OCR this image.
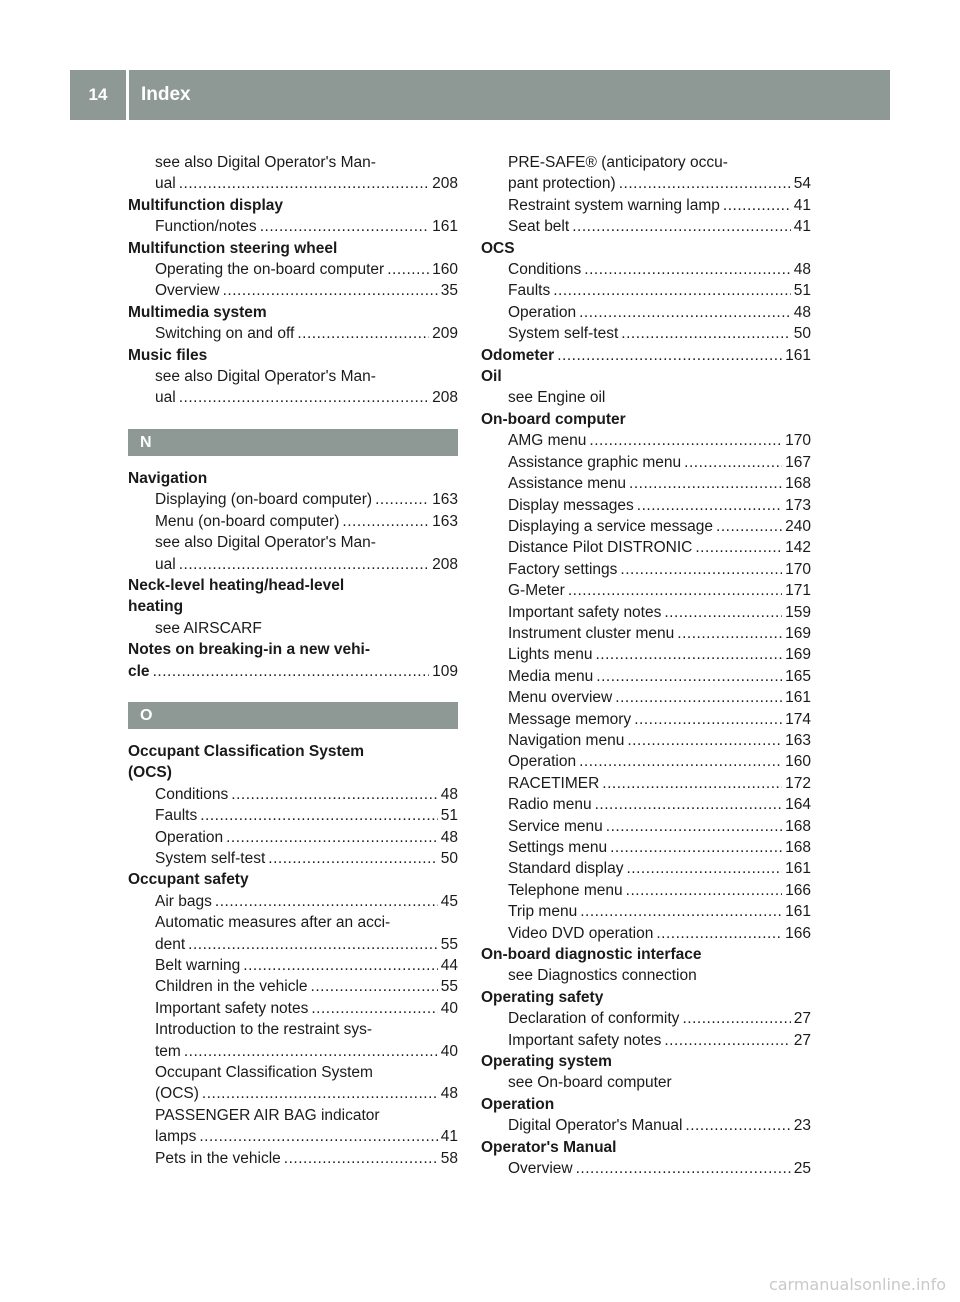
14	Index
see also Digital Operator's Man-
ual . . .	208
Multifunction display
Function/notes . . .	161
Multifunction steering wheel
Operating the on-board computer . . .	160
Overview . . .	35
Multimedia system
Switching on and off . . .	209
Music files
see also Digital Operator's Man-
ual . . .	208
N
Navigation
Displaying (on-board computer) . . .	163
Menu (on-board computer) . . .	163
see also Digital Operator's Man-
ual . . .	208
Neck-level heating/head-level
heating
see AIRSCARF
Notes on breaking-in a new vehi-
cle . . .	109
O
Occupant Classification System
(OCS)
Conditions . . .	48
Faults . . .	51
Operation . . .	48
System self-test . . .	50
Occupant safety
Air bags . . .	45
Automatic measures after an acci-
dent . . .	55
Belt warning . . .	44
Children in the vehicle . . .	55
Important safety notes . . .	40
Introduction to the restraint sys-
tem . . .	40
Occupant Classification System
(OCS) . . .	48
PASSENGER AIR BAG indicator
lamps . . .	41
Pets in the vehicle . . .	58
PRE-SAFE® (anticipatory occu-
pant protection) . . .	54
Restraint system warning lamp . . .	41
Seat belt . . .	41
OCS
Conditions . . .	48
Faults . . .	51
Operation . . .	48
System self-test . . .	50
Odometer . . .	161
Oil
see Engine oil
On-board computer
AMG menu . . .	170
Assistance graphic menu . . .	167
Assistance menu . . .	168
Display messages . . .	173
Displaying a service message . . .	240
Distance Pilot DISTRONIC . . .	142
Factory settings . . .	170
G-Meter . . .	171
Important safety notes . . .	159
Instrument cluster menu . . .	169
Lights menu . . .	169
Media menu . . .	165
Menu overview . . .	161
Message memory . . .	174
Navigation menu . . .	163
Operation . . .	160
RACETIMER . . .	172
Radio menu . . .	164
Service menu . . .	168
Settings menu . . .	168
Standard display . . .	161
Telephone menu . . .	166
Trip menu . . .	161
Video DVD operation . . .	166
On-board diagnostic interface
see Diagnostics connection
Operating safety
Declaration of conformity . . .	27
Important safety notes . . .	27
Operating system
see On-board computer
Operation
Digital Operator's Manual . . .	23
Operator's Manual
Overview . . .	25
carmanualsonline.info
